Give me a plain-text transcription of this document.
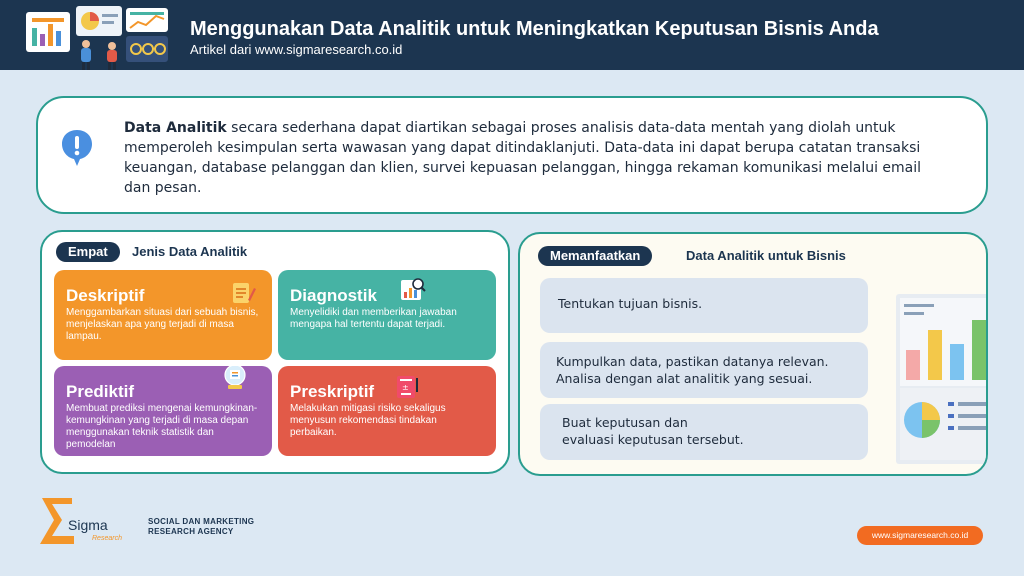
Menggunakan Data Analitik untuk Meningkatkan Keputusan Bisnis Anda
Artikel dari www.sigmaresearch.co.id
Data Analitik secara sederhana dapat diartikan sebagai proses analisis data-data mentah yang diolah untuk memperoleh kesimpulan serta wawasan yang dapat ditindaklanjuti. Data-data ini dapat berupa catatan transaksi keuangan, database pelanggan dan klien, survei kepuasan pelanggan, hingga rekaman komunikasi melalui email dan pesan.
Empat	Jenis Data Analitik
Deskriptif
Menggambarkan situasi dari sebuah bisnis, menjelaskan apa yang terjadi di masa lampau.
Diagnostik
Menyelidiki dan memberikan jawaban mengapa hal tertentu dapat terjadi.
Prediktif
Membuat prediksi mengenai kemungkinan-kemungkinan yang terjadi di masa depan menggunakan teknik statistik dan pemodelan
Preskriptif
Melakukan mitigasi risiko sekaligus menyusun rekomendasi tindakan perbaikan.
±
Memanfaatkan	Data Analitik untuk Bisnis
Tentukan tujuan bisnis.
Kumpulkan data, pastikan datanya relevan.
Analisa dengan alat analitik yang sesuai.
Buat keputusan dan
evaluasi keputusan tersebut.
Sigma
Research
SOCIAL DAN MARKETING
RESEARCH AGENCY	www.sigmaresearch.co.id
